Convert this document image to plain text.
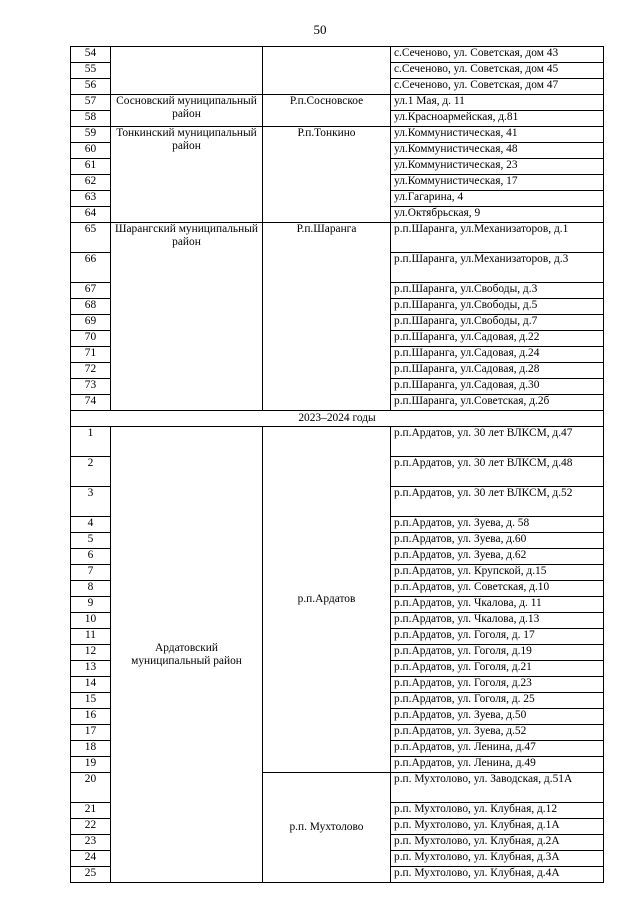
50
54			с.Сеченово, ул. Советская, дом 43
55			с.Сеченово, ул. Советская, дом 45
56			с.Сеченово, ул. Советская, дом 47
57	Сосновский муниципальный район	Р.п.Сосновское	ул.1 Мая, д. 11
58			ул.Красноармейская, д.81
59	Тонкинский муниципальный район	Р.п.Тонкино	ул.Коммунистическая, 41
60			ул.Коммунистическая, 48
61			ул.Коммунистическая, 23
62			ул.Коммунистическая, 17
63			ул.Гагарина, 4
64			ул.Октябрьская, 9
65	Шарангский муниципальный район	Р.п.Шаранга	р.п.Шаранга, ул.Механизаторов, д.1
66			р.п.Шаранга, ул.Механизаторов, д.3
67			р.п.Шаранга, ул.Свободы, д.3
68			р.п.Шаранга, ул.Свободы, д.5
69			р.п.Шаранга, ул.Свободы, д.7
70			р.п.Шаранга, ул.Садовая, д.22
71			р.п.Шаранга, ул.Садовая, д.24
72			р.п.Шаранга, ул.Садовая, д.28
73			р.п.Шаранга, ул.Садовая, д.30
74			р.п.Шаранга, ул.Советская, д.2б
2023–2024 годы			
1	Ардатовский муниципальный район	р.п.Ардатов	р.п.Ардатов, ул. 30 лет ВЛКСМ, д.47
2			р.п.Ардатов, ул. 30 лет ВЛКСМ, д.48
3			р.п.Ардатов, ул. 30 лет ВЛКСМ, д.52
4			р.п.Ардатов, ул. Зуева, д. 58
5			р.п.Ардатов, ул. Зуева, д.60
6			р.п.Ардатов, ул. Зуева, д.62
7			р.п.Ардатов, ул. Крупской, д.15
8			р.п.Ардатов, ул. Советская, д.10
9			р.п.Ардатов, ул. Чкалова, д. 11
10			р.п.Ардатов, ул. Чкалова, д.13
11			р.п.Ардатов, ул. Гоголя, д. 17
12			р.п.Ардатов, ул. Гоголя, д.19
13			р.п.Ардатов, ул. Гоголя, д.21
14			р.п.Ардатов, ул. Гоголя, д.23
15			р.п.Ардатов, ул. Гоголя, д. 25
16			р.п.Ардатов, ул. Зуева, д.50
17			р.п.Ардатов, ул. Зуева, д.52
18			р.п.Ардатов, ул. Ленина, д.47
19			р.п.Ардатов, ул. Ленина, д.49
20		р.п. Мухтолово	р.п. Мухтолово, ул. Заводская, д.51А
21			р.п. Мухтолово, ул. Клубная, д.12
22			р.п. Мухтолово, ул. Клубная, д.1А
23			р.п. Мухтолово, ул. Клубная, д.2А
24			р.п. Мухтолово, ул. Клубная, д.3А
25			р.п. Мухтолово, ул. Клубная, д.4А
